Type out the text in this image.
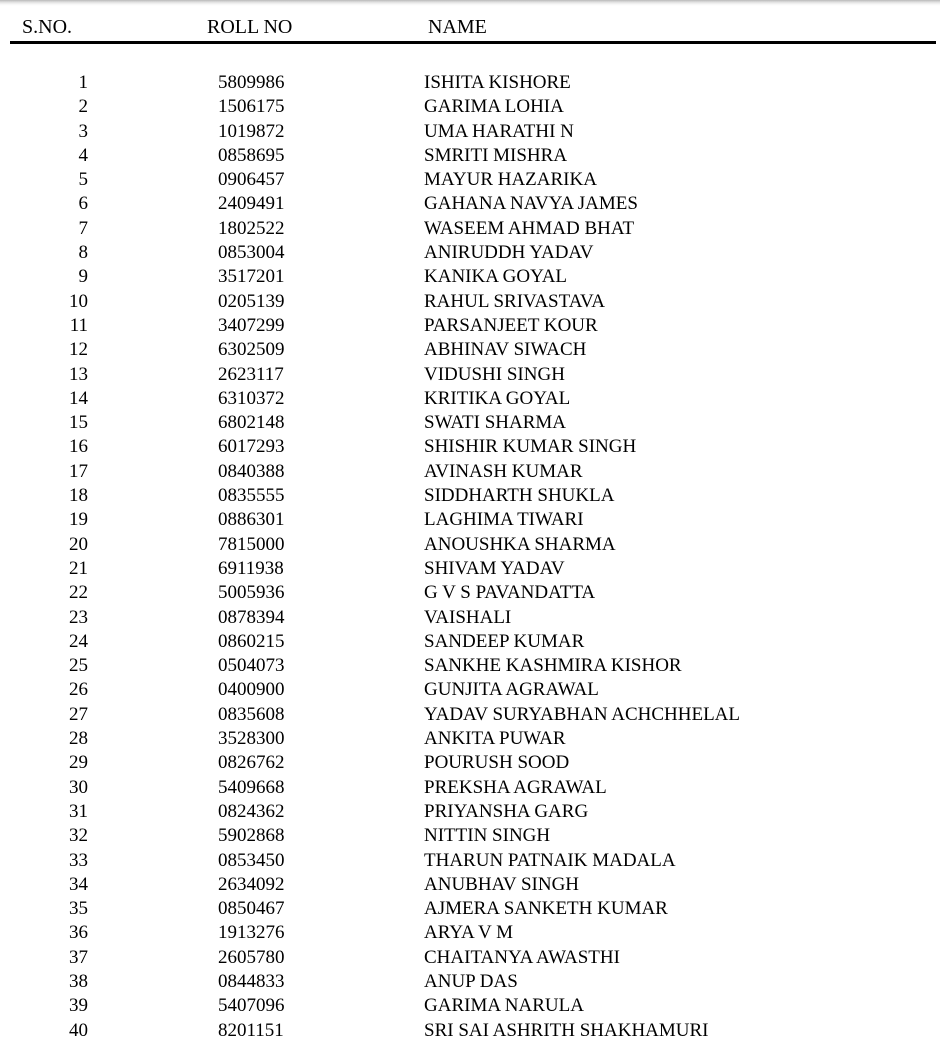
S.NO.	ROLL NO	NAME
1	5809986	ISHITA KISHORE
2	1506175	GARIMA LOHIA
3	1019872	UMA HARATHI N
4	0858695	SMRITI MISHRA
5	0906457	MAYUR HAZARIKA
6	2409491	GAHANA NAVYA JAMES
7	1802522	WASEEM AHMAD BHAT
8	0853004	ANIRUDDH YADAV
9	3517201	KANIKA GOYAL
10	0205139	RAHUL SRIVASTAVA
11	3407299	PARSANJEET KOUR
12	6302509	ABHINAV SIWACH
13	2623117	VIDUSHI SINGH
14	6310372	KRITIKA GOYAL
15	6802148	SWATI SHARMA
16	6017293	SHISHIR KUMAR SINGH
17	0840388	AVINASH KUMAR
18	0835555	SIDDHARTH SHUKLA
19	0886301	LAGHIMA TIWARI
20	7815000	ANOUSHKA SHARMA
21	6911938	SHIVAM YADAV
22	5005936	G V S PAVANDATTA
23	0878394	VAISHALI
24	0860215	SANDEEP KUMAR
25	0504073	SANKHE KASHMIRA KISHOR
26	0400900	GUNJITA AGRAWAL
27	0835608	YADAV SURYABHAN ACHCHHELAL
28	3528300	ANKITA PUWAR
29	0826762	POURUSH SOOD
30	5409668	PREKSHA AGRAWAL
31	0824362	PRIYANSHA GARG
32	5902868	NITTIN SINGH
33	0853450	THARUN PATNAIK MADALA
34	2634092	ANUBHAV SINGH
35	0850467	AJMERA SANKETH KUMAR
36	1913276	ARYA V M
37	2605780	CHAITANYA AWASTHI
38	0844833	ANUP DAS
39	5407096	GARIMA NARULA
40	8201151	SRI SAI ASHRITH SHAKHAMURI
